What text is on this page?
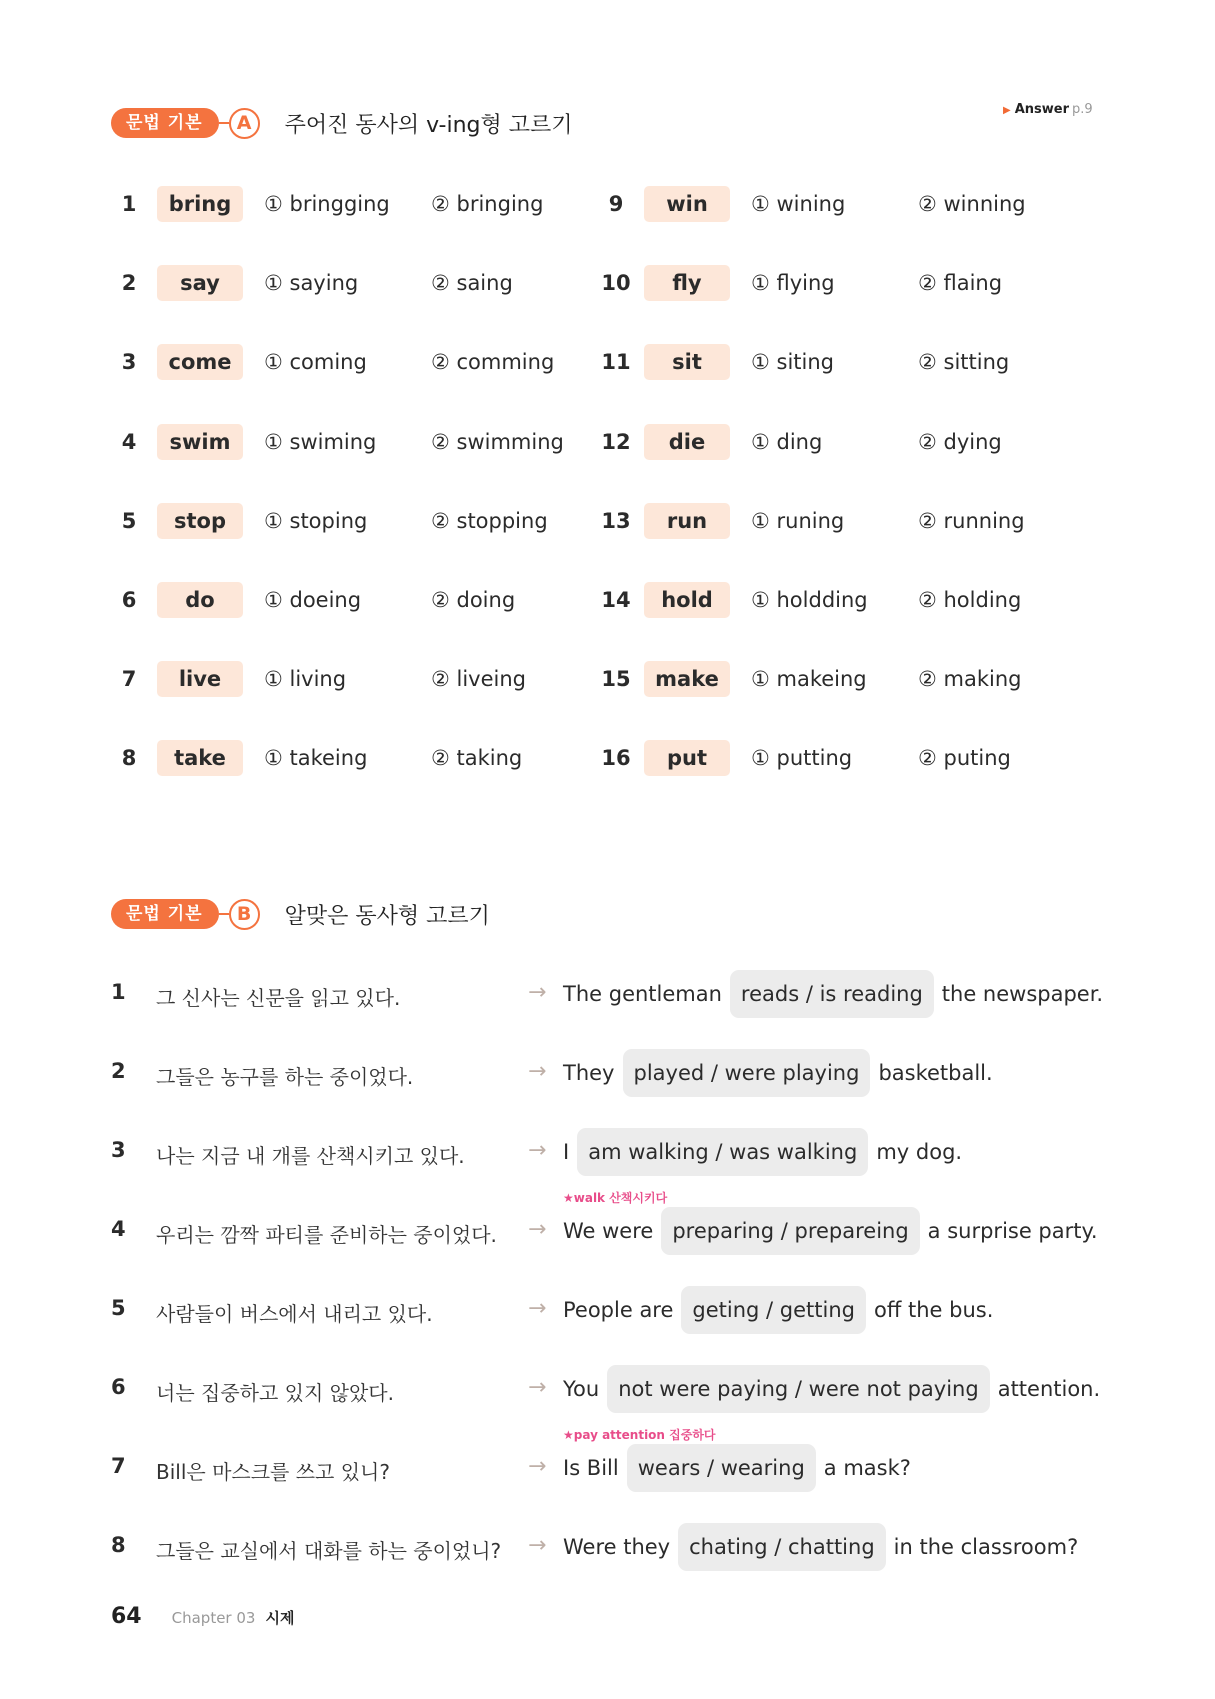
▶ Answer p.9
문법 기본	A	주어진 동사의 v-ing형 고르기
1	bring	① bringging ② bringing
2	say	① saying	② saing
3	come	① coming	② comming
4	swim	① swiming	② swimming
5	stop	① stoping	② stopping
6	do	① doeing	② doing
7	live	① living	② liveing
8	take	① takeing	② taking
9	win	① wining	② winning
10	fly	① flying	② flaing
11	sit	① siting	② sitting
12	die	① ding	② dying
13	run	① runing	② running
14	hold	① holdding ② holding
15	make	① makeing ② making
16	put	① putting	② puting
문법 기본	B	알맞은 동사형 고르기
1 그 신사는 신문을 읽고 있다.	→ The gentleman reads / is reading the newspaper.
2 그들은 농구를 하는 중이었다.	→ They played / were playing basketball.
3 나는 지금 내 개를 산책시키고 있다.	→ I am walking / was walking my dog.
★walk 산책시키다
4 우리는 깜짝 파티를 준비하는 중이었다. → We were preparing / prepareing a surprise party.
5 사람들이 버스에서 내리고 있다.	→ People are geting / getting off the bus.
6 너는 집중하고 있지 않았다.	→ You not were paying / were not paying attention.
★pay attention 집중하다
7 Bill은 마스크를 쓰고 있니?	→ Is Bill wears / wearing a mask?
8 그들은 교실에서 대화를 하는 중이었니? → Were they chating / chatting in the classroom?
64 Chapter 03 시제
